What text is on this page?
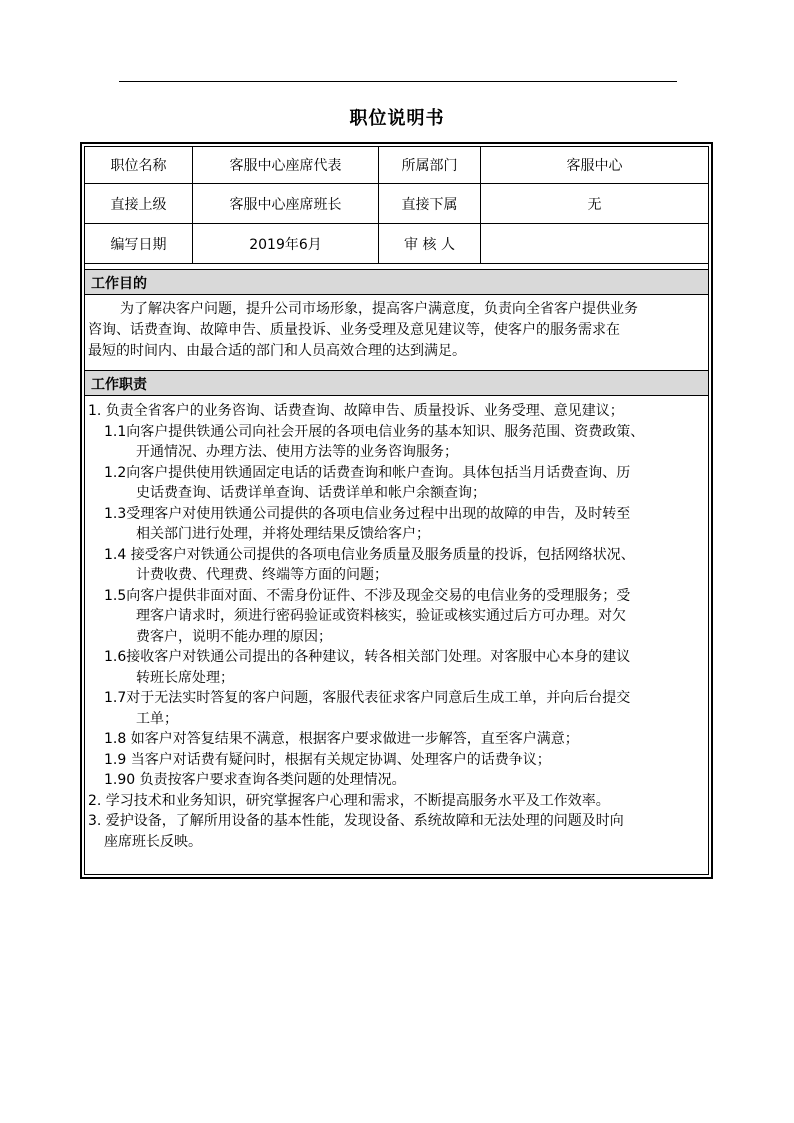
职位说明书
职位名称	客服中心座席代表	所属部门	客服中心
直接上级	客服中心座席班长	直接下属	无
编写日期	2019年6月	审 核 人
工作目的
为了解决客户问题，提升公司市场形象，提高客户满意度，负责向全省客户提供业务
咨询、话费查询、故障申告、质量投诉、业务受理及意见建议等，使客户的服务需求在
最短的时间内、由最合适的部门和人员高效合理的达到满足。
工作职责
1. 负责全省客户的业务咨询、话费查询、故障申告、质量投诉、业务受理、意见建议；
1.1向客户提供铁通公司向社会开展的各项电信业务的基本知识、服务范围、资费政策、
开通情况、办理方法、使用方法等的业务咨询服务；
1.2向客户提供使用铁通固定电话的话费查询和帐户查询。具体包括当月话费查询、历
史话费查询、话费详单查询、话费详单和帐户余额查询；
1.3受理客户对使用铁通公司提供的各项电信业务过程中出现的故障的申告，及时转至
相关部门进行处理，并将处理结果反馈给客户；
1.4 接受客户对铁通公司提供的各项电信业务质量及服务质量的投诉，包括网络状况、
计费收费、代理费、终端等方面的问题；
1.5向客户提供非面对面、不需身份证件、不涉及现金交易的电信业务的受理服务；受
理客户请求时，须进行密码验证或资料核实，验证或核实通过后方可办理。对欠
费客户，说明不能办理的原因；
1.6接收客户对铁通公司提出的各种建议，转各相关部门处理。对客服中心本身的建议
转班长席处理；
1.7对于无法实时答复的客户问题，客服代表征求客户同意后生成工单，并向后台提交
工单；
1.8 如客户对答复结果不满意，根据客户要求做进一步解答，直至客户满意；
1.9 当客户对话费有疑问时，根据有关规定协调、处理客户的话费争议；
1.90 负责按客户要求查询各类问题的处理情况。
2. 学习技术和业务知识，研究掌握客户心理和需求，不断提高服务水平及工作效率。
3. 爱护设备，了解所用设备的基本性能，发现设备、系统故障和无法处理的问题及时向
座席班长反映。
